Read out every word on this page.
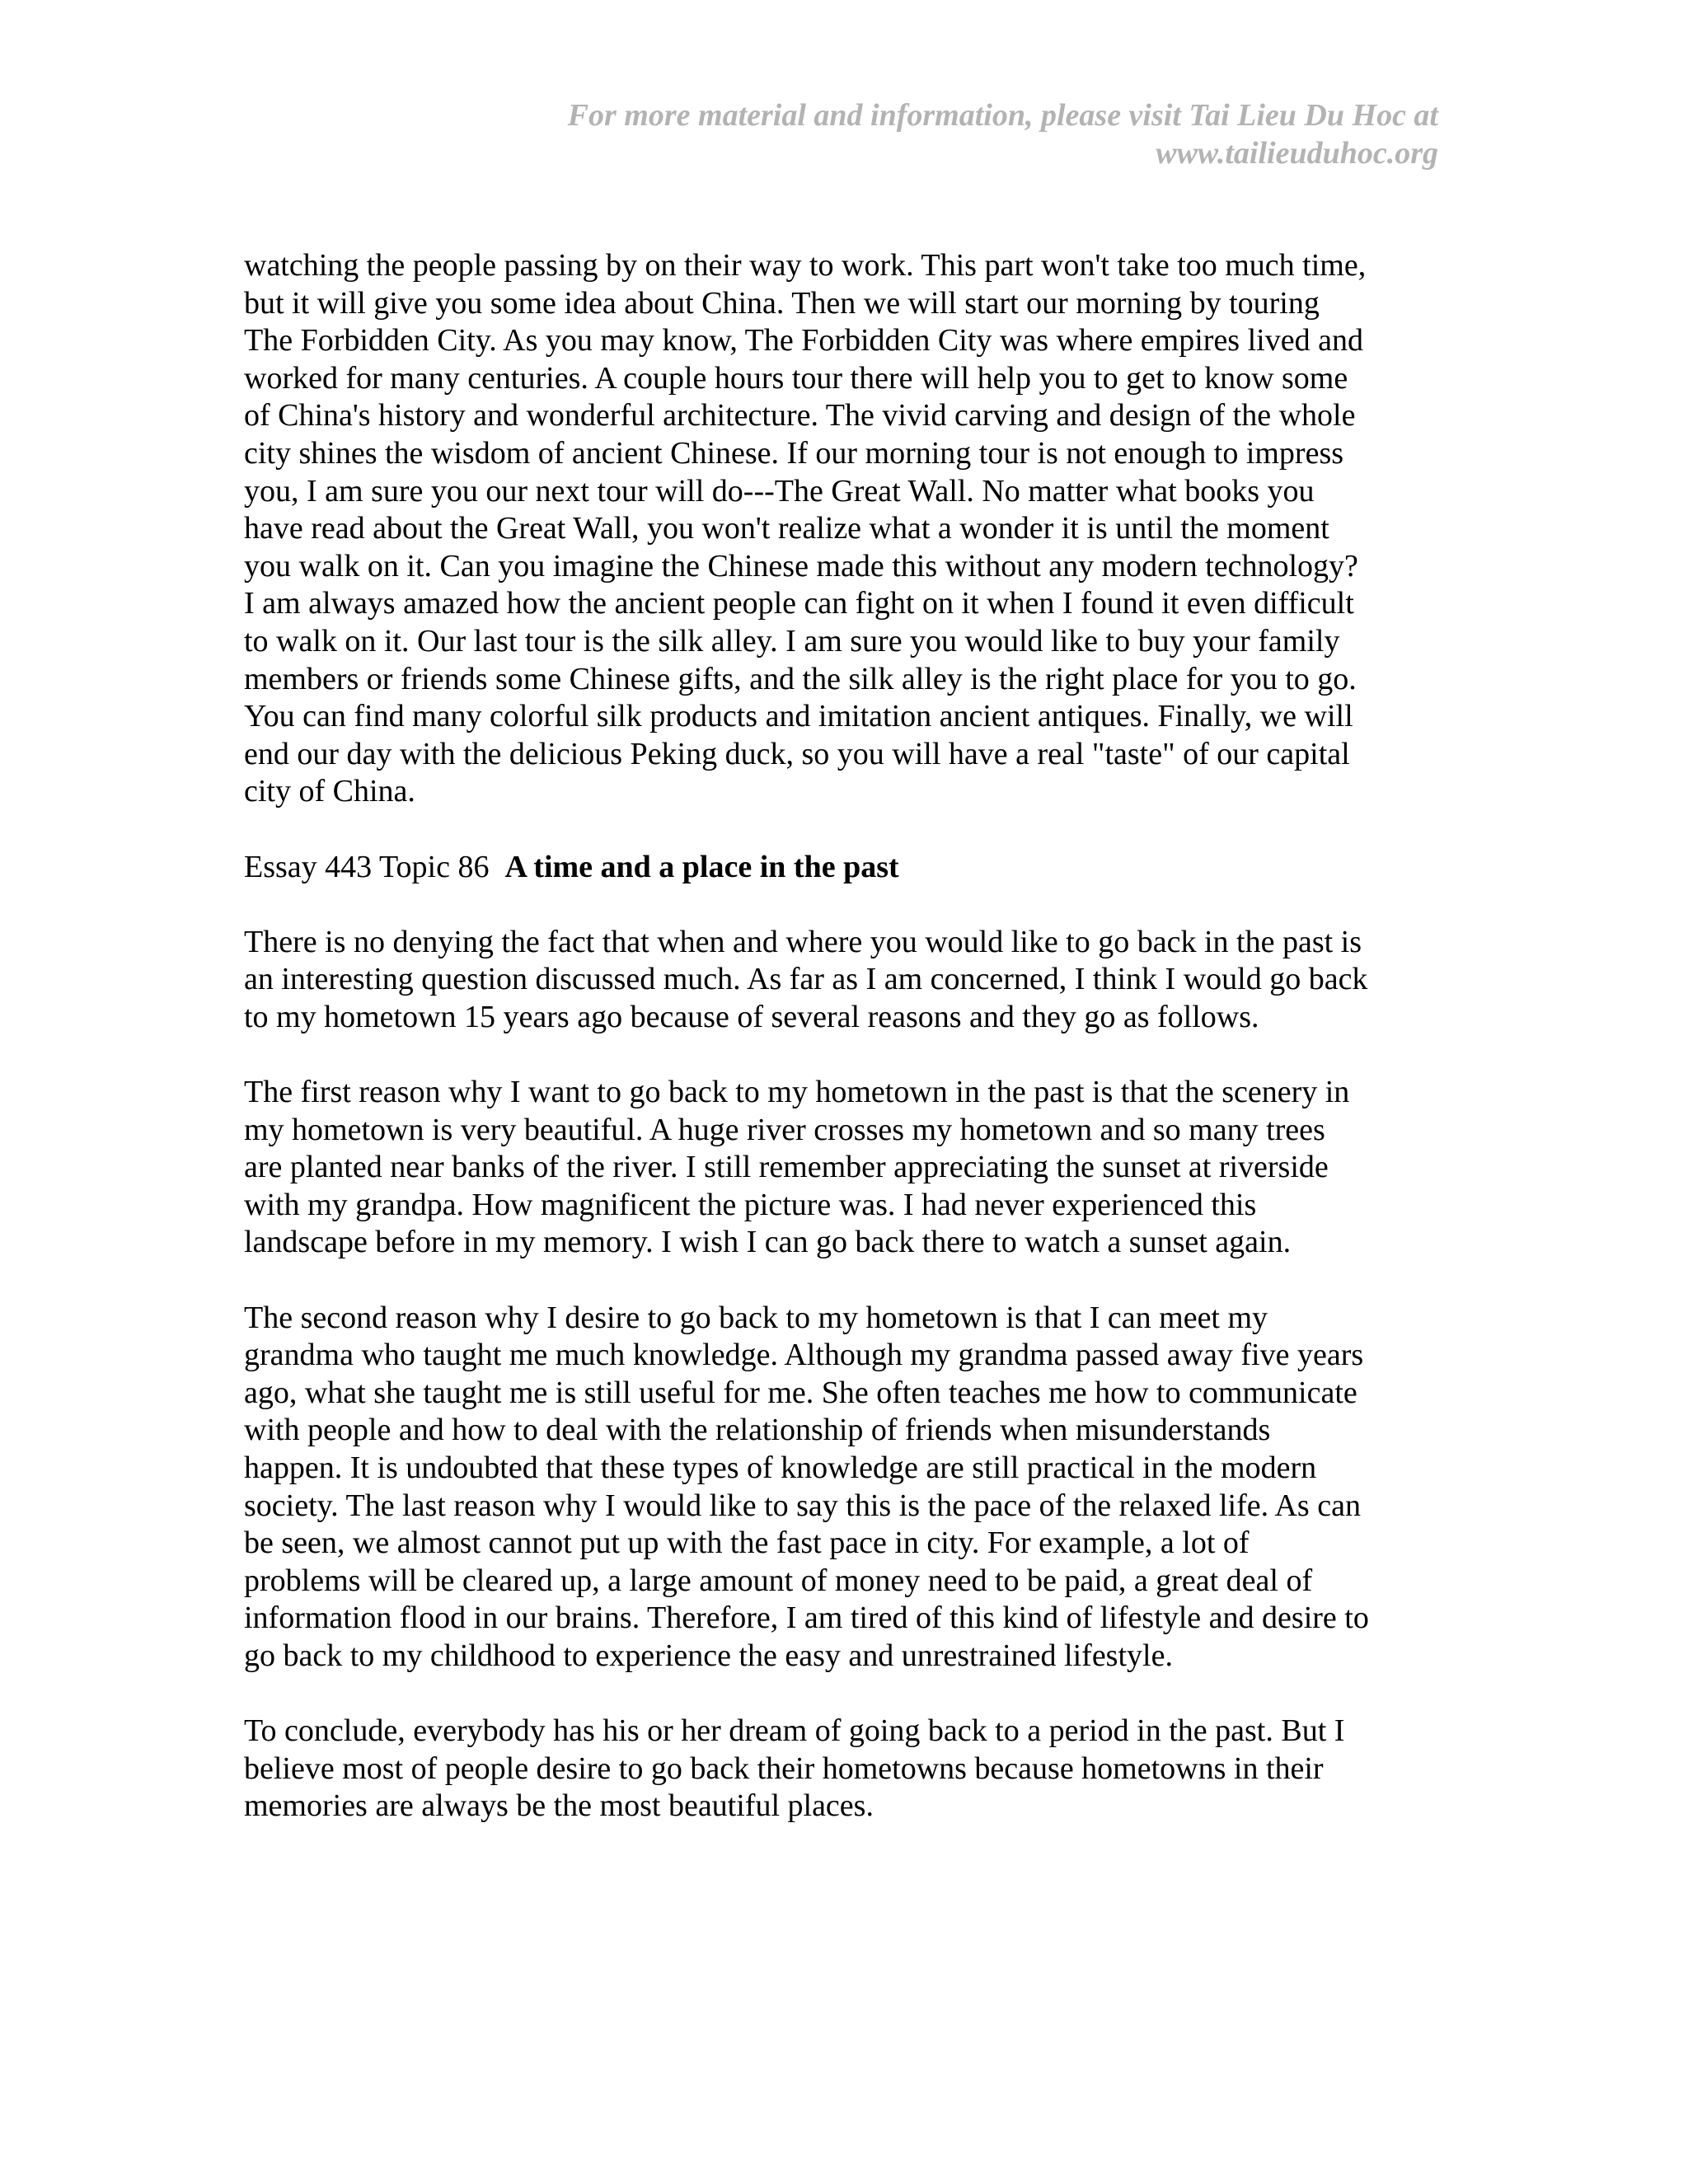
For more material and information, please visit Tai Lieu Du Hoc at
www.tailieuduhoc.org

watching the people passing by on their way to work. This part won't take too much time,
but it will give you some idea about China. Then we will start our morning by touring
The Forbidden City. As you may know, The Forbidden City was where empires lived and
worked for many centuries. A couple hours tour there will help you to get to know some
of China's history and wonderful architecture. The vivid carving and design of the whole
city shines the wisdom of ancient Chinese. If our morning tour is not enough to impress
you, I am sure you our next tour will do---The Great Wall. No matter what books you
have read about the Great Wall, you won't realize what a wonder it is until the moment
you walk on it. Can you imagine the Chinese made this without any modern technology?
I am always amazed how the ancient people can fight on it when I found it even difficult
to walk on it. Our last tour is the silk alley. I am sure you would like to buy your family
members or friends some Chinese gifts, and the silk alley is the right place for you to go.
You can find many colorful silk products and imitation ancient antiques. Finally, we will
end our day with the delicious Peking duck, so you will have a real "taste" of our capital
city of China.

Essay 443 Topic 86 A time and a place in the past

There is no denying the fact that when and where you would like to go back in the past is
an interesting question discussed much. As far as I am concerned, I think I would go back
to my hometown 15 years ago because of several reasons and they go as follows.

The first reason why I want to go back to my hometown in the past is that the scenery in
my hometown is very beautiful. A huge river crosses my hometown and so many trees
are planted near banks of the river. I still remember appreciating the sunset at riverside
with my grandpa. How magnificent the picture was. I had never experienced this
landscape before in my memory. I wish I can go back there to watch a sunset again.

The second reason why I desire to go back to my hometown is that I can meet my
grandma who taught me much knowledge. Although my grandma passed away five years
ago, what she taught me is still useful for me. She often teaches me how to communicate
with people and how to deal with the relationship of friends when misunderstands
happen. It is undoubted that these types of knowledge are still practical in the modern
society. The last reason why I would like to say this is the pace of the relaxed life. As can
be seen, we almost cannot put up with the fast pace in city. For example, a lot of
problems will be cleared up, a large amount of money need to be paid, a great deal of
information flood in our brains. Therefore, I am tired of this kind of lifestyle and desire to
go back to my childhood to experience the easy and unrestrained lifestyle.

To conclude, everybody has his or her dream of going back to a period in the past. But I
believe most of people desire to go back their hometowns because hometowns in their
memories are always be the most beautiful places.
